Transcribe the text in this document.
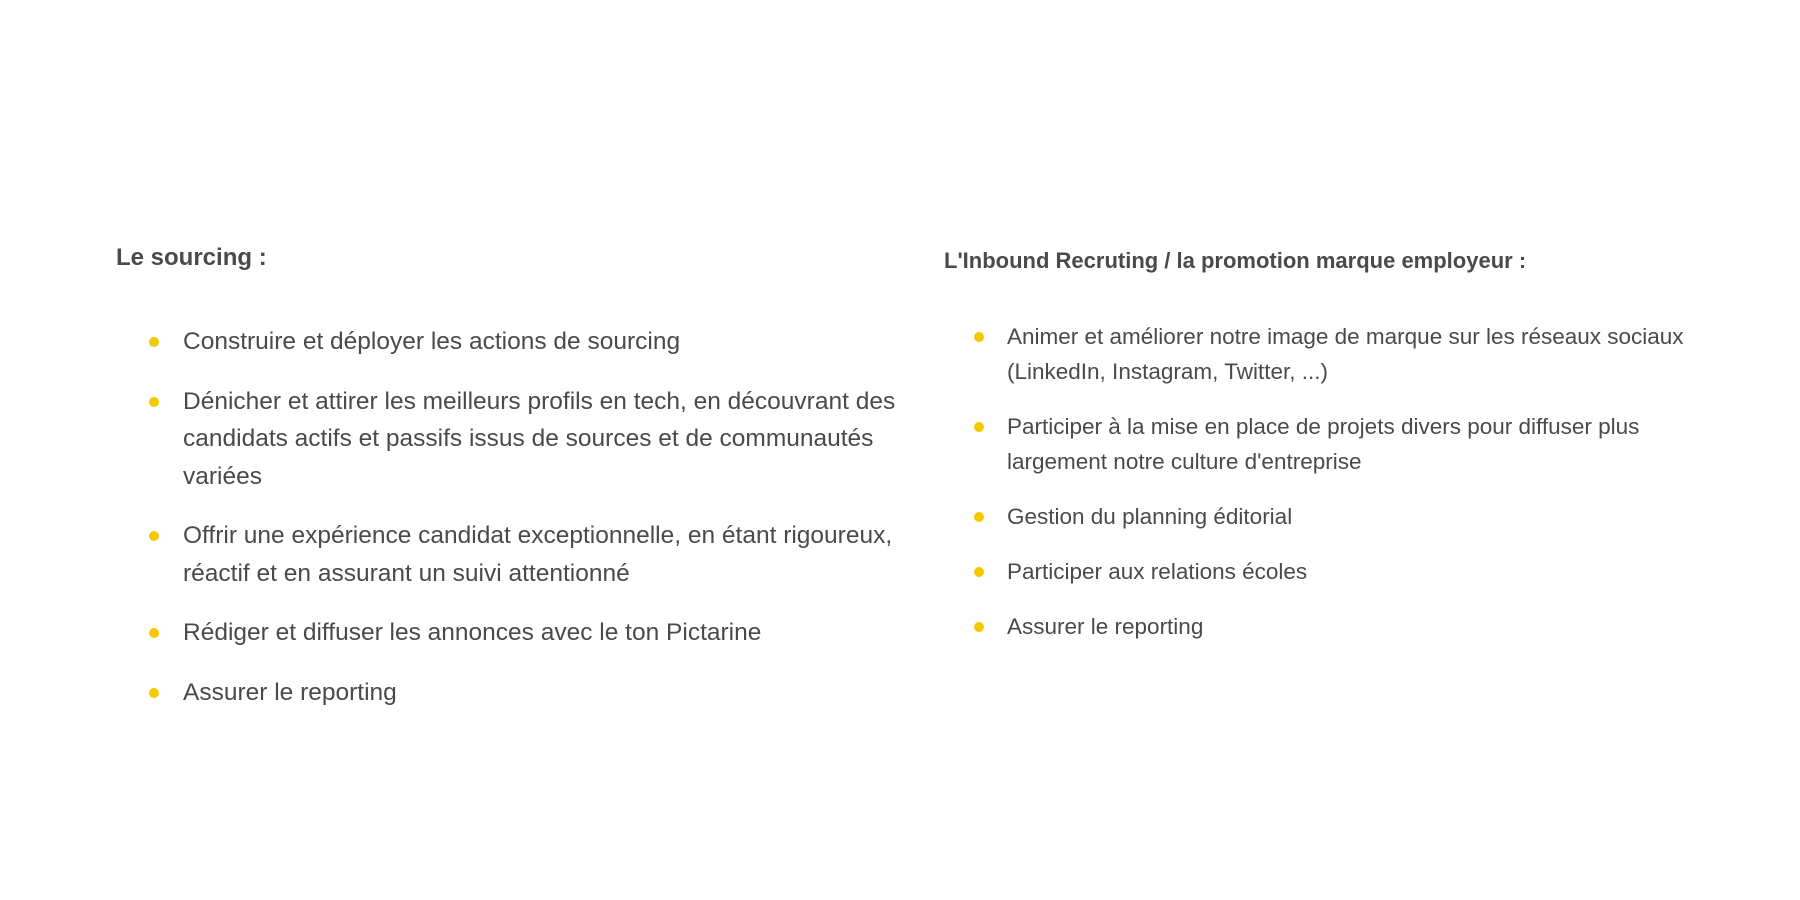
Le sourcing :
Construire et déployer les actions de sourcing
Dénicher et attirer les meilleurs profils en tech, en découvrant des candidats actifs et passifs issus de sources et de communautés variées
Offrir une expérience candidat exceptionnelle, en étant rigoureux, réactif et en assurant un suivi attentionné
Rédiger et diffuser les annonces avec le ton Pictarine
Assurer le reporting
L'Inbound Recruting / la promotion marque employeur :
Animer et améliorer notre image de marque sur les réseaux sociaux (LinkedIn, Instagram, Twitter, ...)
Participer à la mise en place de projets divers pour diffuser plus largement notre culture d'entreprise
Gestion du planning éditorial
Participer aux relations écoles
Assurer le reporting
